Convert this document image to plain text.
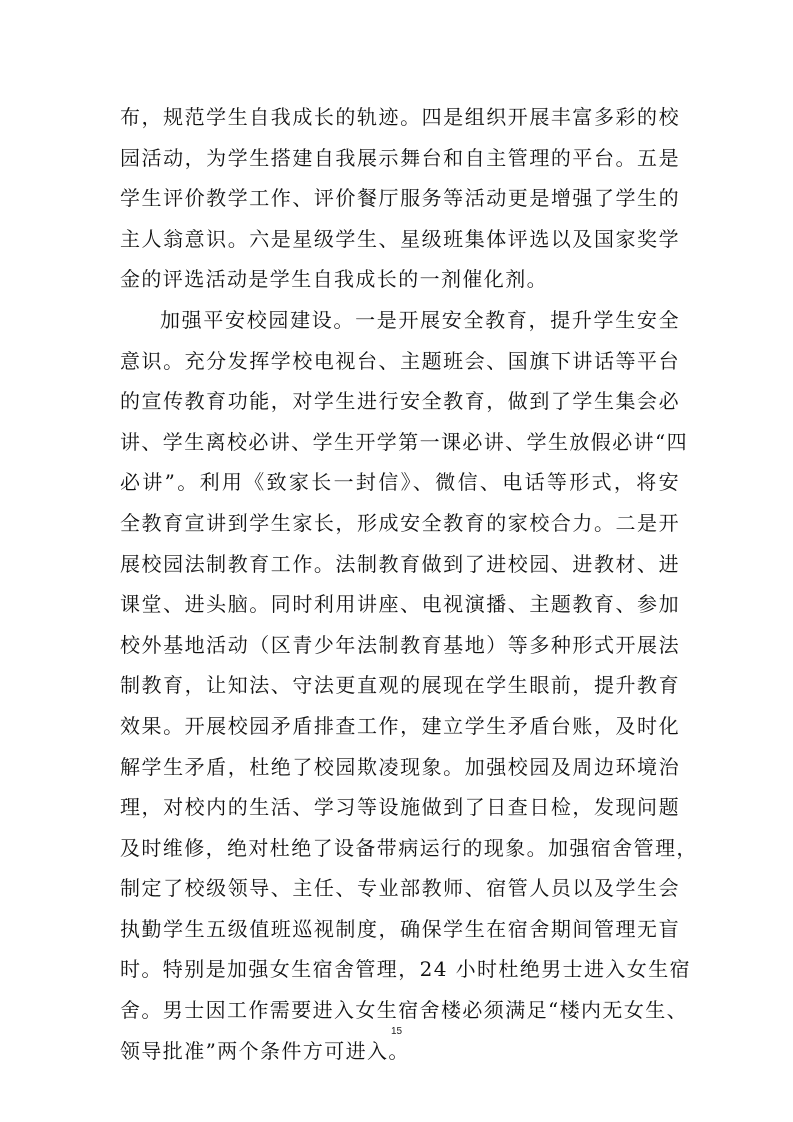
布，规范学生自我成长的轨迹。四是组织开展丰富多彩的校
园活动，为学生搭建自我展示舞台和自主管理的平台。五是
学生评价教学工作、评价餐厅服务等活动更是增强了学生的
主人翁意识。六是星级学生、星级班集体评选以及国家奖学
金的评选活动是学生自我成长的一剂催化剂。
加强平安校园建设。一是开展安全教育，提升学生安全
意识。充分发挥学校电视台、主题班会、国旗下讲话等平台
的宣传教育功能，对学生进行安全教育，做到了学生集会必
讲、学生离校必讲、学生开学第一课必讲、学生放假必讲“四
必讲”。利用《致家长一封信》、微信、电话等形式，将安
全教育宣讲到学生家长，形成安全教育的家校合力。二是开
展校园法制教育工作。法制教育做到了进校园、进教材、进
课堂、进头脑。同时利用讲座、电视演播、主题教育、参加
校外基地活动（区青少年法制教育基地）等多种形式开展法
制教育，让知法、守法更直观的展现在学生眼前，提升教育
效果。开展校园矛盾排查工作，建立学生矛盾台账，及时化
解学生矛盾，杜绝了校园欺凌现象。加强校园及周边环境治
理，对校内的生活、学习等设施做到了日查日检，发现问题
及时维修，绝对杜绝了设备带病运行的现象。加强宿舍管理，
制定了校级领导、主任、专业部教师、宿管人员以及学生会
执勤学生五级值班巡视制度，确保学生在宿舍期间管理无盲
时。特别是加强女生宿舍管理，24 小时杜绝男士进入女生宿
舍。男士因工作需要进入女生宿舍楼必须满足“楼内无女生、
领导批准”两个条件方可进入。
15
